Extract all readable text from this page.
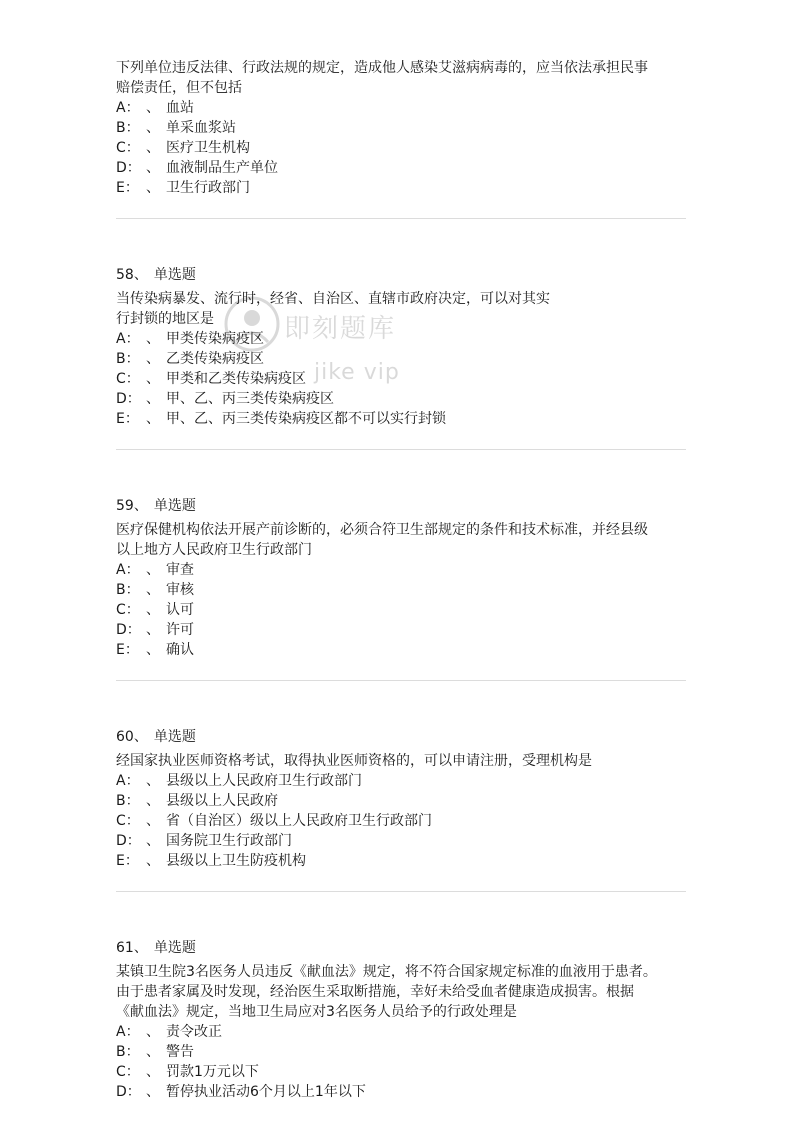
下列单位违反法律、行政法规的规定，造成他人感染艾滋病病毒的，应当依法承担民事
赔偿责任，但不包括
A： 、 血站
B： 、 单采血浆站
C： 、 医疗卫生机构
D： 、 血液制品生产单位
E： 、 卫生行政部门
58、 单选题
当传染病暴发、流行时，经省、自治区、直辖市政府决定，可以对其实
行封锁的地区是
A： 、 甲类传染病疫区
B： 、 乙类传染病疫区
C： 、 甲类和乙类传染病疫区
D： 、 甲、乙、丙三类传染病疫区
E： 、 甲、乙、丙三类传染病疫区都不可以实行封锁
59、 单选题
医疗保健机构依法开展产前诊断的，必须合符卫生部规定的条件和技术标准，并经县级
以上地方人民政府卫生行政部门
A： 、 审查
B： 、 审核
C： 、 认可
D： 、 许可
E： 、 确认
60、 单选题
经国家执业医师资格考试，取得执业医师资格的，可以申请注册，受理机构是
A： 、 县级以上人民政府卫生行政部门
B： 、 县级以上人民政府
C： 、 省（自治区）级以上人民政府卫生行政部门
D： 、 国务院卫生行政部门
E： 、 县级以上卫生防疫机构
61、 单选题
某镇卫生院3名医务人员违反《献血法》规定，将不符合国家规定标准的血液用于患者。
由于患者家属及时发现，经治医生采取断措施，幸好未给受血者健康造成损害。根据
《献血法》规定，当地卫生局应对3名医务人员给予的行政处理是
A： 、 责令改正
B： 、 警告
C： 、 罚款1万元以下
D： 、 暂停执业活动6个月以上1年以下
即刻题库
jike vip
